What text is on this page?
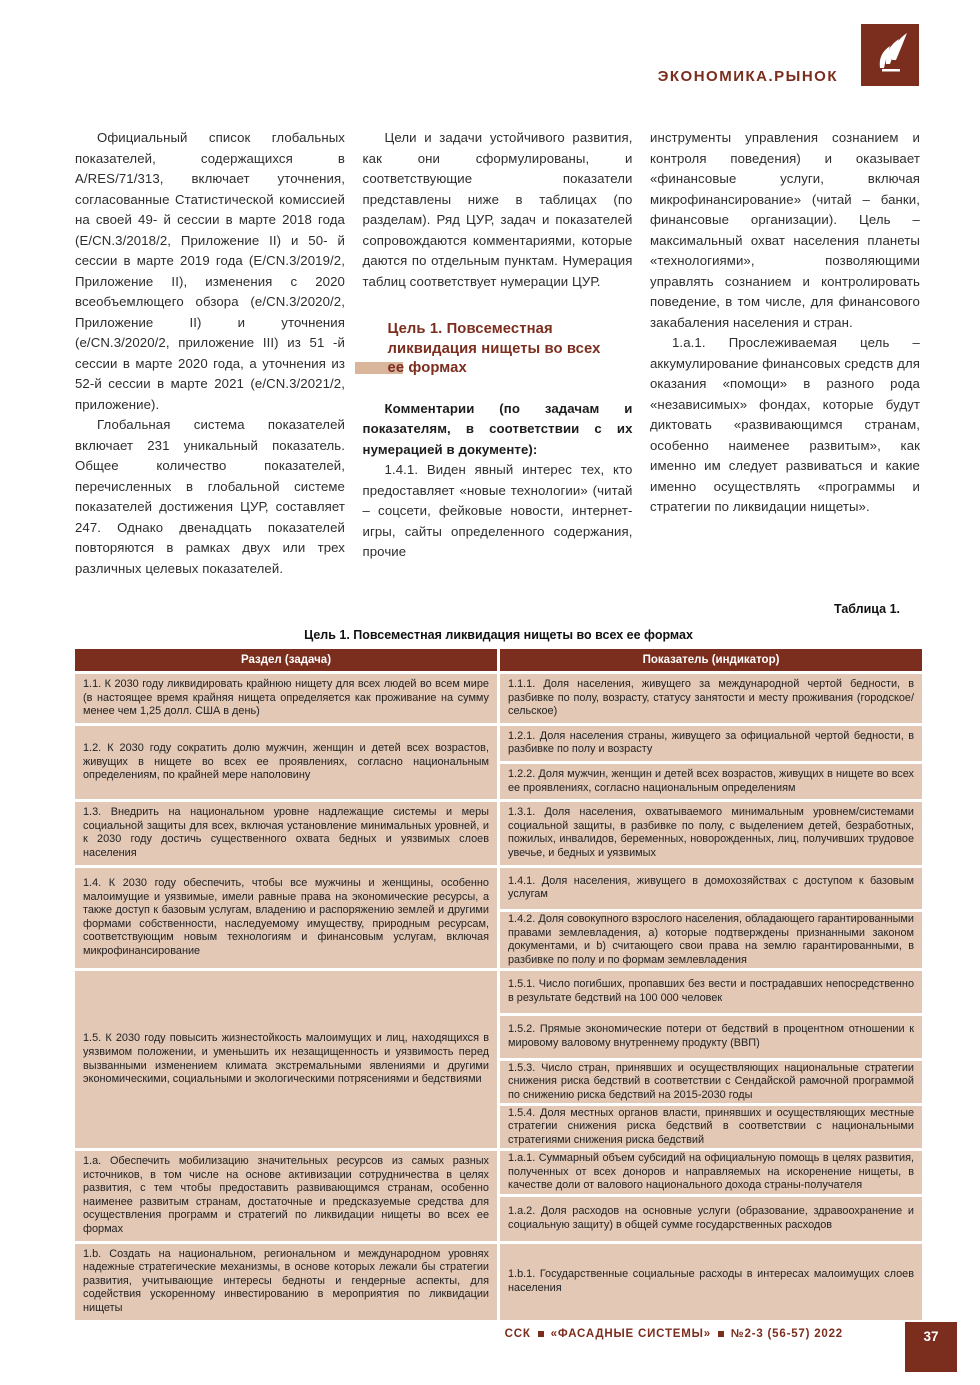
ЭКОНОМИКА.РЫНОК

Официальный список глобальных показателей, содержащихся в A/RES/71/313, включает уточнения, согласованные Статистической комиссией на своей 49- й сессии в марте 2018 года (E/CN.3/2018/2, Приложение II) и 50- й сессии в марте 2019 года (E/CN.3/2019/2, Приложение II), изменения с 2020 всеобъемлющего обзора (e/CN.3/2020/2, Приложение II) и уточнения (e/CN.3/2020/2, приложение III) из 51 -й сессии в марте 2020 года, а уточнения из 52-й сессии в марте 2021 (e/CN.3/2021/2, приложение).

Глобальная система показателей включает 231 уникальный показатель. Общее количество показателей, перечисленных в глобальной системе показателей достижения ЦУР, составляет 247. Однако двенадцать показателей повторяются в рамках двух или трех различных целевых показателей.

Цели и задачи устойчивого развития, как они сформулированы, и соответствующие показатели представлены ниже в таблицах (по разделам). Ряд ЦУР, задач и показателей сопровождаются комментариями, которые даются по отдельным пунктам. Нумерация таблиц соответствует нумерации ЦУР.

Цель 1. Повсеместная ликвидация нищеты во всех ее формах

Комментарии (по задачам и показателям, в соответствии с их нумерацией в документе):

1.4.1. Виден явный интерес тех, кто предоставляет «новые технологии» (читай – соцсети, фейковые новости, интернет-игры, сайты определенного содержания, прочие

инструменты управления сознанием и контроля поведения) и оказывает «финансовые услуги, включая микрофинансирование» (читай – банки, финансовые организации). Цель – максимальный охват населения планеты «технологиями», позволяющими управлять сознанием и контролировать поведение, в том числе, для финансового закабаления населения и стран.

1.а.1. Прослеживаемая цель – аккумулирование финансовых средств для оказания «помощи» в разного рода «независимых» фондах, которые будут диктовать «развивающимся странам, особенно наименее развитым», как именно им следует развиваться и какие именно осуществлять «программы и стратегии по ликвидации нищеты».

Таблица 1.
Цель 1. Повсеместная ликвидация нищеты во всех ее формах
Раздел (задача)	Показатель (индикатор)
1.1. К 2030 году ликвидировать крайнюю нищету для всех людей во всем мире (в настоящее время крайняя нищета определяется как проживание на сумму менее чем 1,25 долл. США в день)
1.1.1. Доля населения, живущего за международной чертой бедности, в разбивке по полу, возрасту, статусу занятости и месту проживания (городское/сельское)
1.2. К 2030 году сократить долю мужчин, женщин и детей всех возрастов, живущих в нищете во всех ее проявлениях, согласно национальным определениям, по крайней мере наполовину
1.2.1. Доля населения страны, живущего за официальной чертой бедности, в разбивке по полу и возрасту
1.2.2. Доля мужчин, женщин и детей всех возрастов, живущих в нищете во всех ее проявлениях, согласно национальным определениям
1.3. Внедрить на национальном уровне надлежащие системы и меры социальной защиты для всех, включая установление минимальных уровней, и к 2030 году достичь существенного охвата бедных и уязвимых слоев населения
1.3.1. Доля населения, охватываемого минимальным уровнем/системами социальной защиты, в разбивке по полу, с выделением детей, безработных, пожилых, инвалидов, беременных, новорожденных, лиц, получивших трудовое увечье, и бедных и уязвимых
1.4. К 2030 году обеспечить, чтобы все мужчины и женщины, особенно малоимущие и уязвимые, имели равные права на экономические ресурсы, а также доступ к базовым услугам, владению и распоряжению землей и другими формами собственности, наследуемому имуществу, природным ресурсам, соответствующим новым технологиям и финансовым услугам, включая микрофинансирование
1.4.1. Доля населения, живущего в домохозяйствах с доступом к базовым услугам
1.4.2. Доля совокупного взрослого населения, обладающего гарантированными правами землевладения, а) которые подтверждены признанными законом документами, и b) считающего свои права на землю гарантированными, в разбивке по полу и по формам землевладения
1.5. К 2030 году повысить жизнестойкость малоимущих и лиц, находящихся в уязвимом положении, и уменьшить их незащищенность и уязвимость перед вызванными изменением климата экстремальными явлениями и другими экономическими, социальными и экологическими потрясениями и бедствиями
1.5.1. Число погибших, пропавших без вести и пострадавших непосредственно в результате бедствий на 100 000 человек
1.5.2. Прямые экономические потери от бедствий в процентном отношении к мировому валовому внутреннему продукту (ВВП)
1.5.3. Число стран, принявших и осуществляющих национальные стратегии снижения риска бедствий в соответствии с Сендайской рамочной программой по снижению риска бедствий на 2015-2030 годы
1.5.4. Доля местных органов власти, принявших и осуществляющих местные стратегии снижения риска бедствий в соответствии с национальными стратегиями снижения риска бедствий
1.а. Обеспечить мобилизацию значительных ресурсов из самых разных источников, в том числе на основе активизации сотрудничества в целях развития, с тем чтобы предоставить развивающимся странам, особенно наименее развитым странам, достаточные и предсказуемые средства для осуществления программ и стратегий по ликвидации нищеты во всех ее формах
1.а.1. Суммарный объем субсидий на официальную помощь в целях развития, полученных от всех доноров и направляемых на искоренение нищеты, в качестве доли от валового национального дохода страны-получателя
1.а.2. Доля расходов на основные услуги (образование, здравоохранение и социальную защиту) в общей сумме государственных расходов
1.b. Создать на национальном, региональном и международном уровнях надежные стратегические механизмы, в основе которых лежали бы стратегии развития, учитывающие интересы бедноты и гендерные аспекты, для содействия ускоренному инвестированию в мероприятия по ликвидации нищеты
1.b.1. Государственные социальные расходы в интересах малоимущих слоев населения
ССК «ФАСАДНЫЕ СИСТЕМЫ» №2-3 (56-57) 2022	37
